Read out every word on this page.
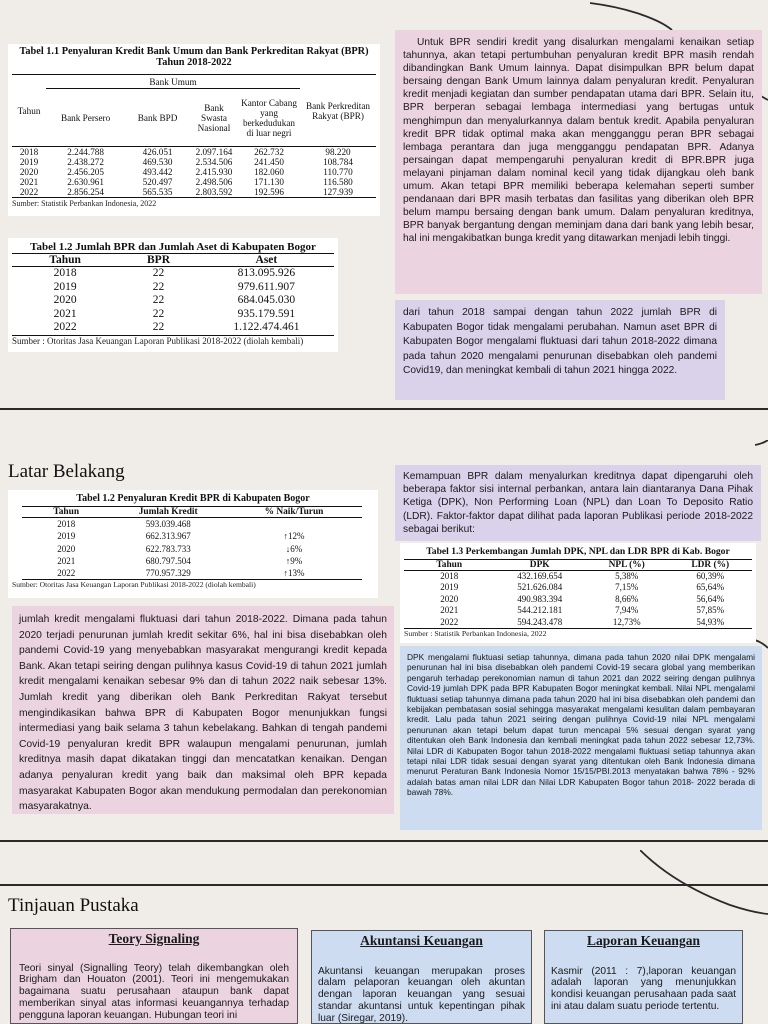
Tabel 1.1 Penyaluran Kredit Bank Umum dan Bank Perkreditan Rakyat (BPR) Tahun 2018-2022
Tahun	Bank Umum				Bank Perkreditan Rakyat (BPR)
	Bank Persero	Bank BPD	Bank Swasta Nasional	Kantor Cabang yang berkedudukan di luar negri	
2018	2.244.788	426.051	2.097.164	262.732	98.220
2019	2.438.272	469.530	2.534.506	241.450	108.784
2020	2.456.205	493.442	2.415.930	182.060	110.770
2021	2.630.961	520.497	2.498.506	171.130	116.580
2022	2.856.254	565.535	2.803.592	192.596	127.939
Sumber: Statistik Perbankan Indonesia, 2022
Untuk BPR sendiri kredit yang disalurkan mengalami kenaikan setiap tahunnya, akan tetapi pertumbuhan penyaluran kredit BPR masih rendah dibandingkan Bank Umum lainnya. Dapat disimpulkan BPR belum dapat bersaing dengan Bank Umum lainnya dalam penyaluran kredit. Penyaluran kredit menjadi kegiatan dan sumber pendapatan utama dari BPR. Selain itu, BPR berperan sebagai lembaga intermediasi yang bertugas untuk menghimpun dan menyalurkannya dalam bentuk kredit. Apabila penyaluran kredit BPR tidak optimal maka akan mengganggu peran BPR sebagai lembaga perantara dan juga mengganggu pendapatan BPR. Adanya persaingan dapat mempengaruhi penyaluran kredit di BPR.BPR juga melayani pinjaman dalam nominal kecil yang tidak dijangkau oleh bank umum. Akan tetapi BPR memiliki beberapa kelemahan seperti sumber pendanaan dari BPR masih terbatas dan fasilitas yang diberikan oleh BPR belum mampu bersaing dengan bank umum. Dalam penyaluran kreditnya, BPR banyak bergantung dengan meminjam dana dari bank yang lebih besar, hal ini mengakibatkan bunga kredit yang ditawarkan menjadi lebih tinggi.
Tabel 1.2 Jumlah BPR dan Jumlah Aset di Kabupaten Bogor
Tahun	BPR	Aset
2018	22	813.095.926
2019	22	979.611.907
2020	22	684.045.030
2021	22	935.179.591
2022	22	1.122.474.461
Sumber : Otoritas Jasa Keuangan Laporan Publikasi 2018-2022 (diolah kembali)
dari tahun 2018 sampai dengan tahun 2022 jumlah BPR di Kabupaten Bogor tidak mengalami perubahan. Namun aset BPR di Kabupaten Bogor mengalami fluktuasi dari tahun 2018-2022 dimana pada tahun 2020 mengalami penurunan disebabkan oleh pandemi Covid19, dan meningkat kembali di tahun 2021 hingga 2022.
Latar Belakang
Tabel 1.2 Penyaluran Kredit BPR di Kabupaten Bogor
Tahun	Jumlah Kredit	% Naik/Turun
2018	593.039.468	
2019	662.313.967	↑12%
2020	622.783.733	↓6%
2021	680.797.504	↑9%
2022	770.957.329	↑13%
Sumber: Otoritas Jasa Keuangan Laporan Publikasi 2018-2022 (diolah kembali)
Kemampuan BPR dalam menyalurkan kreditnya dapat dipengaruhi oleh beberapa faktor sisi internal perbankan, antara lain diantaranya Dana Pihak Ketiga (DPK), Non Performing Loan (NPL) dan Loan To Deposito Ratio (LDR). Faktor-faktor dapat dilihat pada laporan Publikasi periode 2018-2022 sebagai berikut:
Tabel 1.3 Perkembangan Jumlah DPK, NPL dan LDR BPR di Kab. Bogor
Tahun	DPK	NPL (%)	LDR (%)
2018	432.169.654	5,38%	60,39%
2019	521.626.084	7,15%	65,64%
2020	490.983.394	8,66%	56,64%
2021	544.212.181	7,94%	57,85%
2022	594.243.478	12,73%	54,93%
Sumber : Statistik Perbankan Indonesia, 2022
jumlah kredit mengalami fluktuasi dari tahun 2018-2022. Dimana pada tahun 2020 terjadi penurunan jumlah kredit sekitar 6%, hal ini bisa disebabkan oleh pandemi Covid-19 yang menyebabkan masyarakat mengurangi kredit kepada Bank. Akan tetapi seiring dengan pulihnya kasus Covid-19 di tahun 2021 jumlah kredit mengalami kenaikan sebesar 9% dan di tahun 2022 naik sebesar 13%. Jumlah kredit yang diberikan oleh Bank Perkreditan Rakyat tersebut mengindikasikan bahwa BPR di Kabupaten Bogor menunjukkan fungsi intermediasi yang baik selama 3 tahun kebelakang. Bahkan di tengah pandemi Covid-19 penyaluran kredit BPR walaupun mengalami penurunan, jumlah kreditnya masih dapat dikatakan tinggi dan mencatatkan kenaikan. Dengan adanya penyaluran kredit yang baik dan maksimal oleh BPR kepada masyarakat Kabupaten Bogor akan mendukung permodalan dan perekonomian masyarakatnya.
DPK mengalami fluktuasi setiap tahunnya, dimana pada tahun 2020 nilai DPK mengalami penurunan hal ini bisa disebabkan oleh pandemi Covid-19 secara global yang memberikan pengaruh terhadap perekonomian namun di tahun 2021 dan 2022 seiring dengan pulihnya Covid-19 jumlah DPK pada BPR Kabupaten Bogor meningkat kembali. Nilai NPL mengalami fluktuasi setiap tahunnya dimana pada tahun 2020 hal ini bisa disebabkan oleh pandemi dan kebijakan pembatasan sosial sehingga masyarakat mengalami kesulitan dalam pembayaran kredit. Lalu pada tahun 2021 seiring dengan pulihnya Covid-19 nilai NPL mengalami penurunan akan tetapi belum dapat turun mencapai 5% sesuai dengan syarat yang ditentukan oleh Bank Indonesia dan kembali meningkat pada tahun 2022 sebesar 12,73%. Nilai LDR di Kabupaten Bogor tahun 2018-2022 mengalami fluktuasi setiap tahunnya akan tetapi nilai LDR tidak sesuai dengan syarat yang ditentukan oleh Bank Indonesia dimana menurut Peraturan Bank Indonesia Nomor 15/15/PBI.2013 menyatakan bahwa 78% - 92% adalah batas aman nilai LDR dan Nilai LDR Kabupaten Bogor tahun 2018- 2022 berada di bawah 78%.
Tinjauan Pustaka
Teory Signaling
Teori sinyal (Signalling Teory) telah dikembangkan oleh Brigham dan Houaton (2001). Teori ini mengemukakan bagaimana suatu perusahaan ataupun bank dapat memberikan sinyal atas informasi keuangannya terhadap pengguna laporan keuangan. Hubungan teori ini
Akuntansi Keuangan
Akuntansi keuangan merupakan proses dalam pelaporan keuangan oleh akuntan dengan laporan keuangan yang sesuai standar akuntansi untuk kepentingan pihak luar (Siregar, 2019).
Laporan Keuangan
Kasmir (2011 : 7),laporan keuangan adalah laporan yang menunjukkan kondisi keuangan perusahaan pada saat ini atau dalam suatu periode tertentu.
